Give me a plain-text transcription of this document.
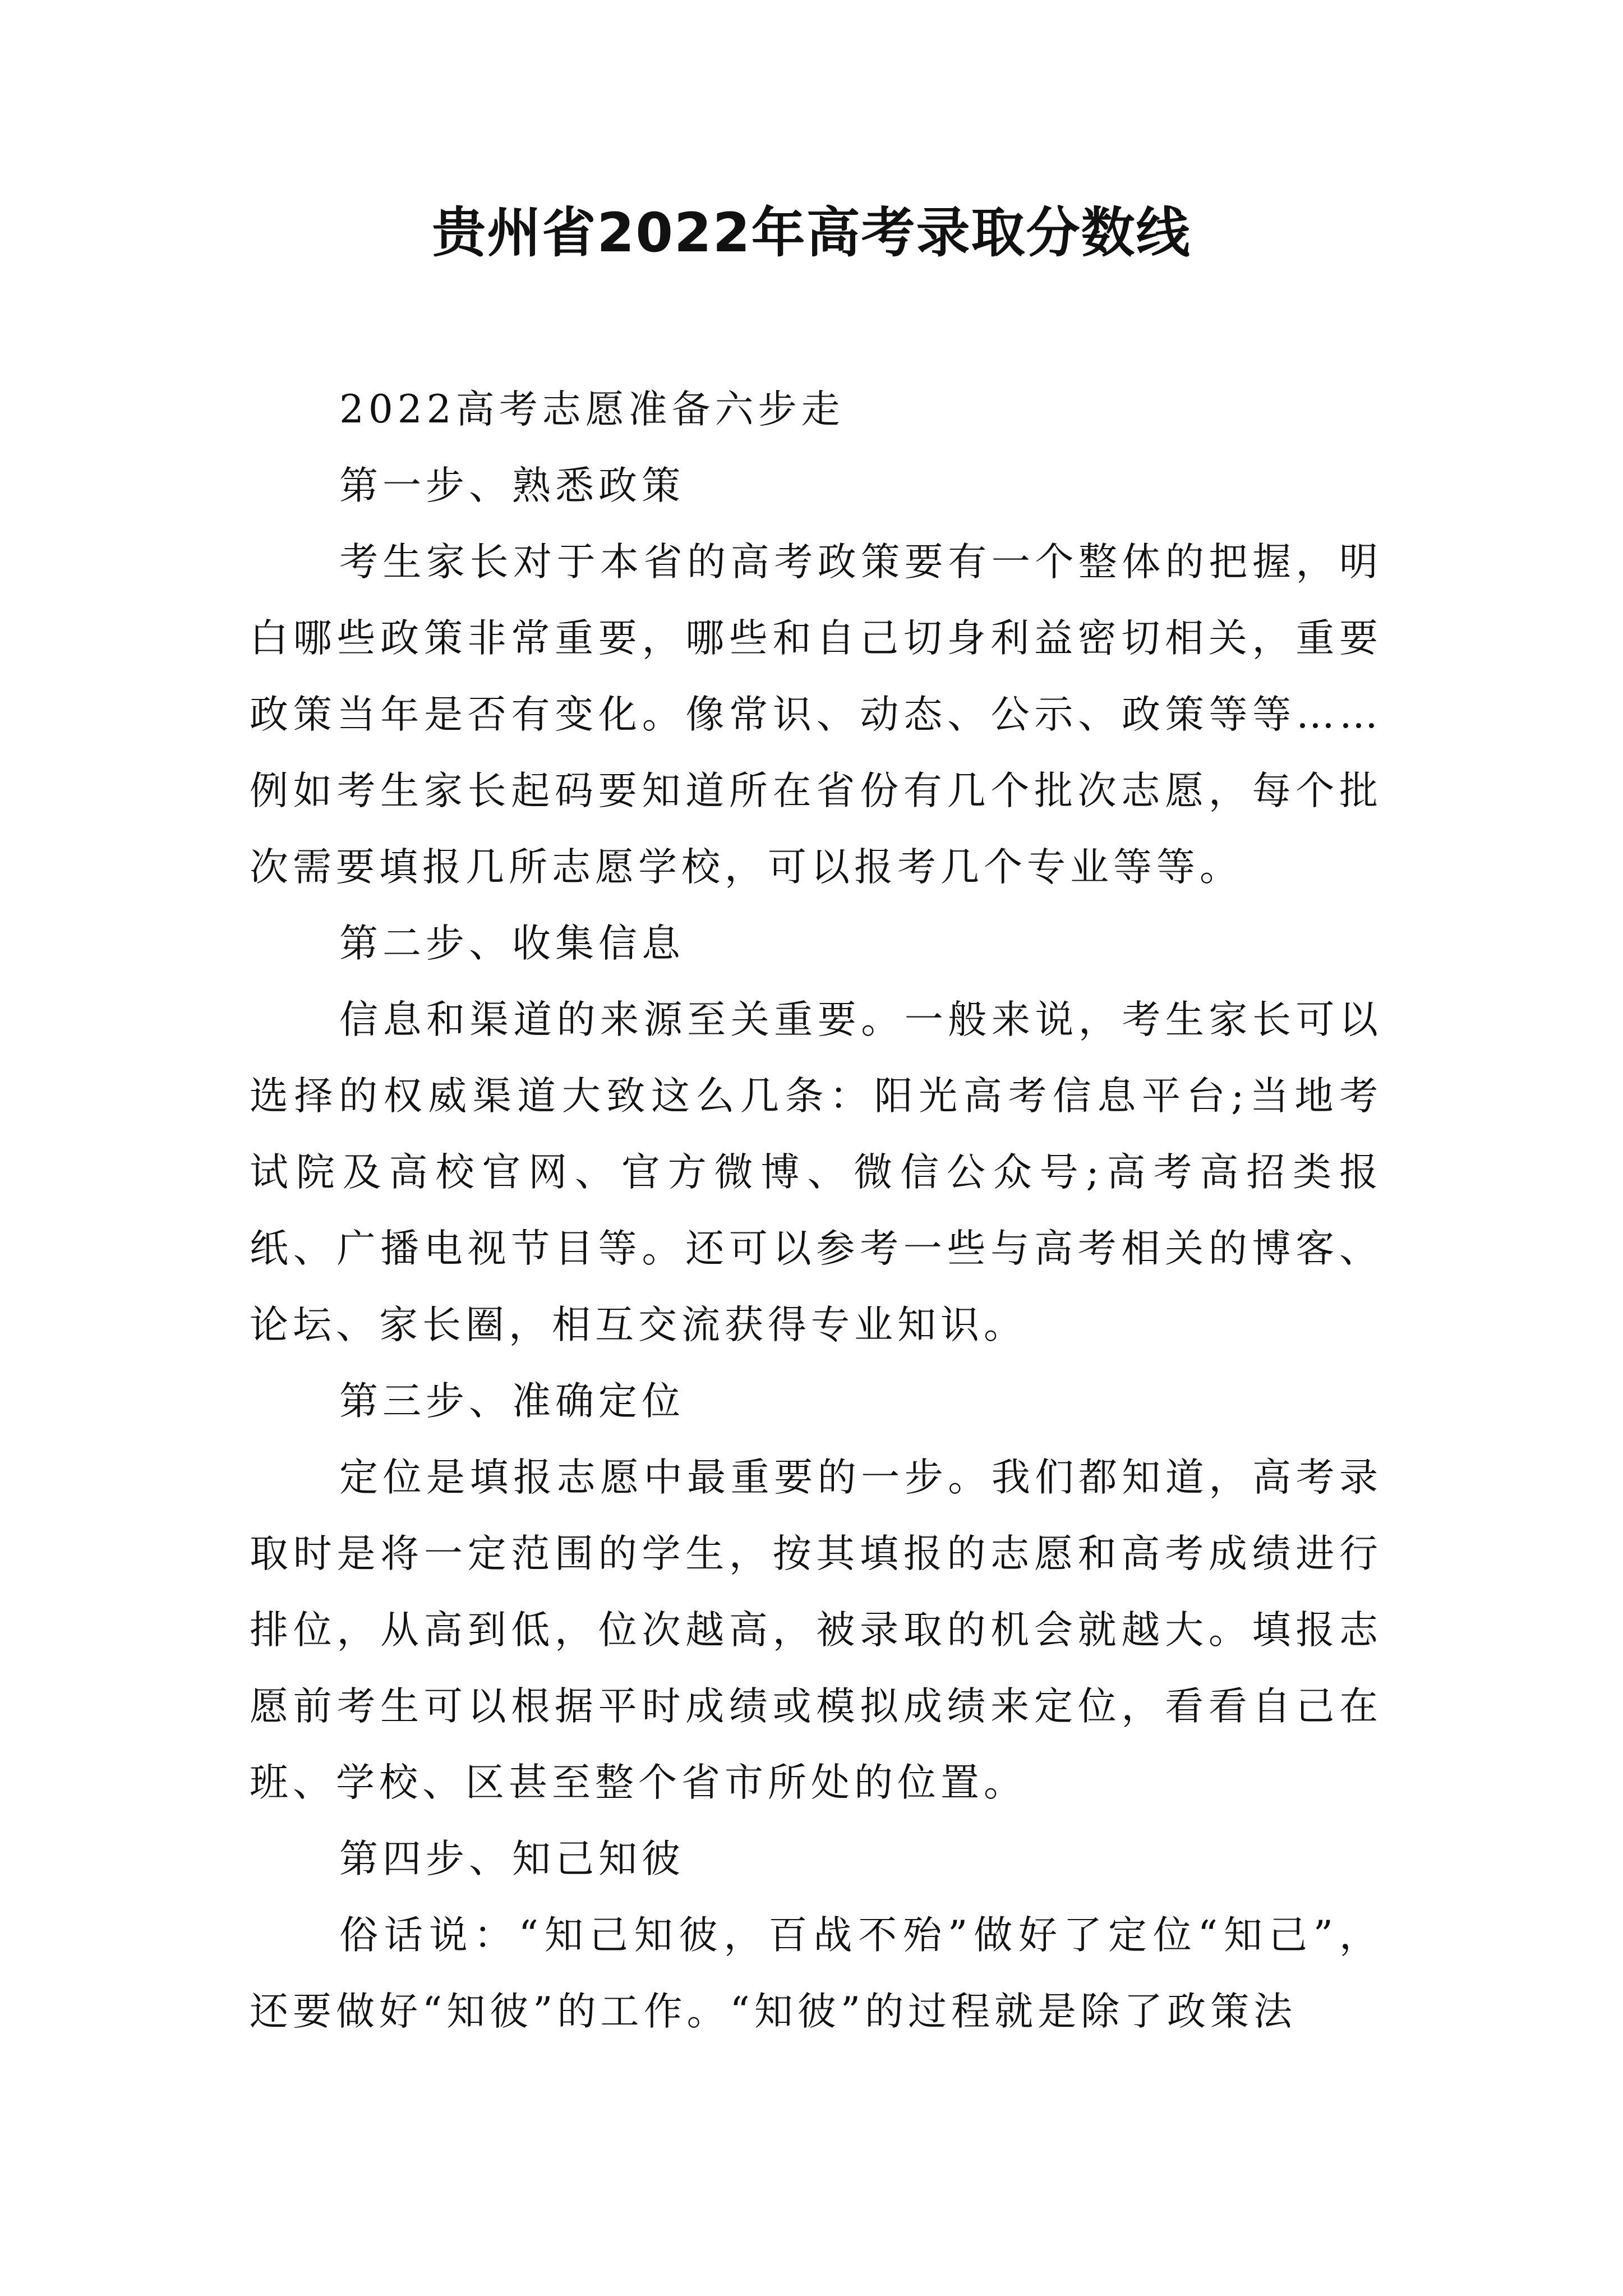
贵州省2022年高考录取分数线

2022高考志愿准备六步走

第一步、熟悉政策

考生家长对于本省的高考政策要有一个整体的把握，明白哪些政策非常重要，哪些和自己切身利益密切相关，重要政策当年是否有变化。像常识、动态、公示、政策等等……例如考生家长起码要知道所在省份有几个批次志愿，每个批次需要填报几所志愿学校，可以报考几个专业等等。

第二步、收集信息

信息和渠道的来源至关重要。一般来说，考生家长可以选择的权威渠道大致这么几条：阳光高考信息平台;当地考试院及高校官网、官方微博、微信公众号;高考高招类报纸、广播电视节目等。还可以参考一些与高考相关的博客、论坛、家长圈，相互交流获得专业知识。

第三步、准确定位

定位是填报志愿中最重要的一步。我们都知道，高考录取时是将一定范围的学生，按其填报的志愿和高考成绩进行排位，从高到低，位次越高，被录取的机会就越大。填报志愿前考生可以根据平时成绩或模拟成绩来定位，看看自己在班、学校、区甚至整个省市所处的位置。

第四步、知己知彼

俗话说：“知己知彼，百战不殆”做好了定位“知己”，还要做好“知彼”的工作。“知彼”的过程就是除了政策法
